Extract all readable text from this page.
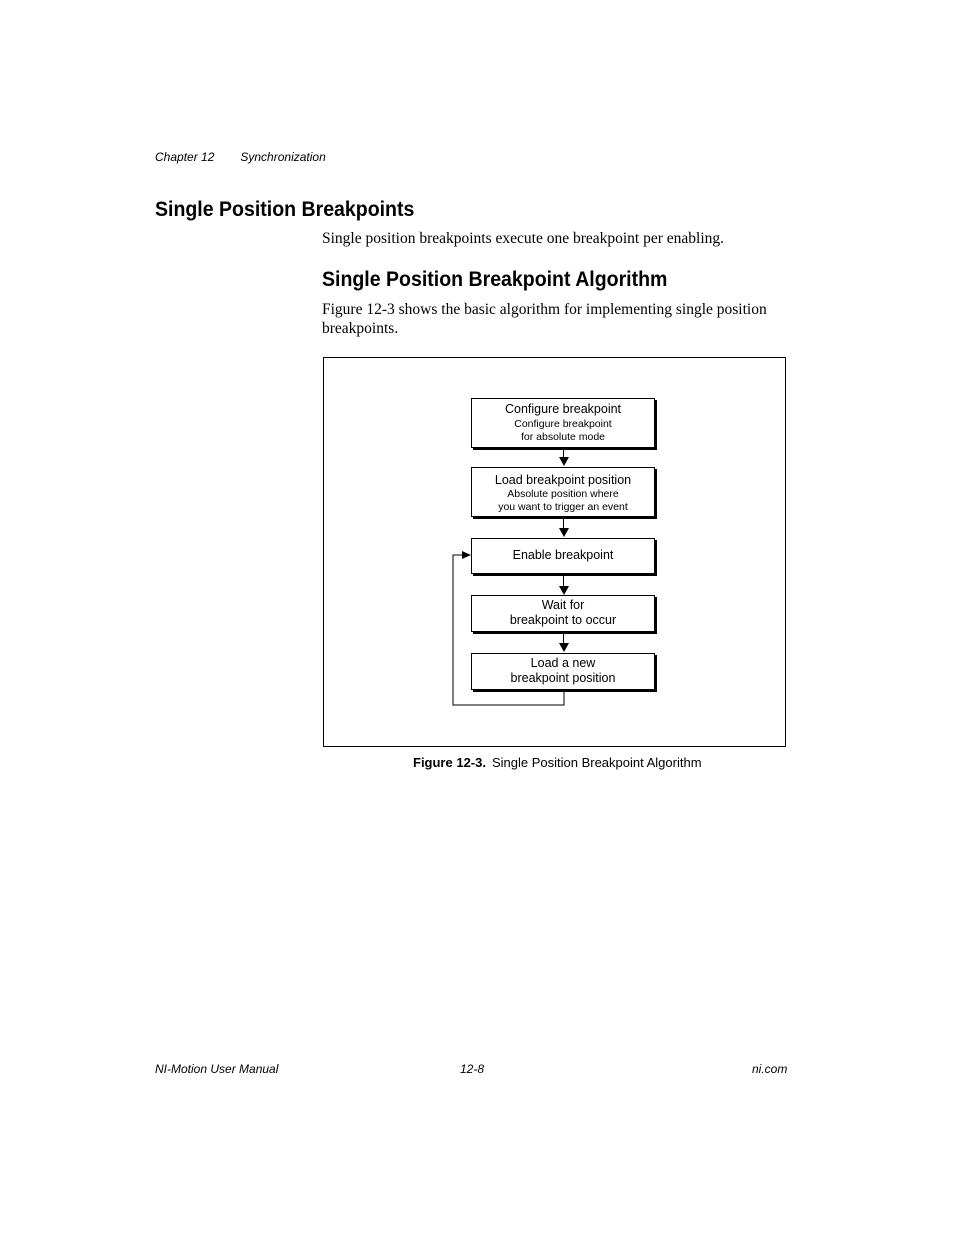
Chapter 12 Synchronization
Single Position Breakpoints

Single position breakpoints execute one breakpoint per enabling.

Single Position Breakpoint Algorithm

Figure 12-3 shows the basic algorithm for implementing single position breakpoints.

Configure breakpoint
Configure breakpoint
for absolute mode
Load breakpoint position
Absolute position where
you want to trigger an event
Enable breakpoint
Wait for
breakpoint to occur
Load a new
breakpoint position
Figure 12-3. Single Position Breakpoint Algorithm
NI-Motion User Manual	12-8	ni.com
